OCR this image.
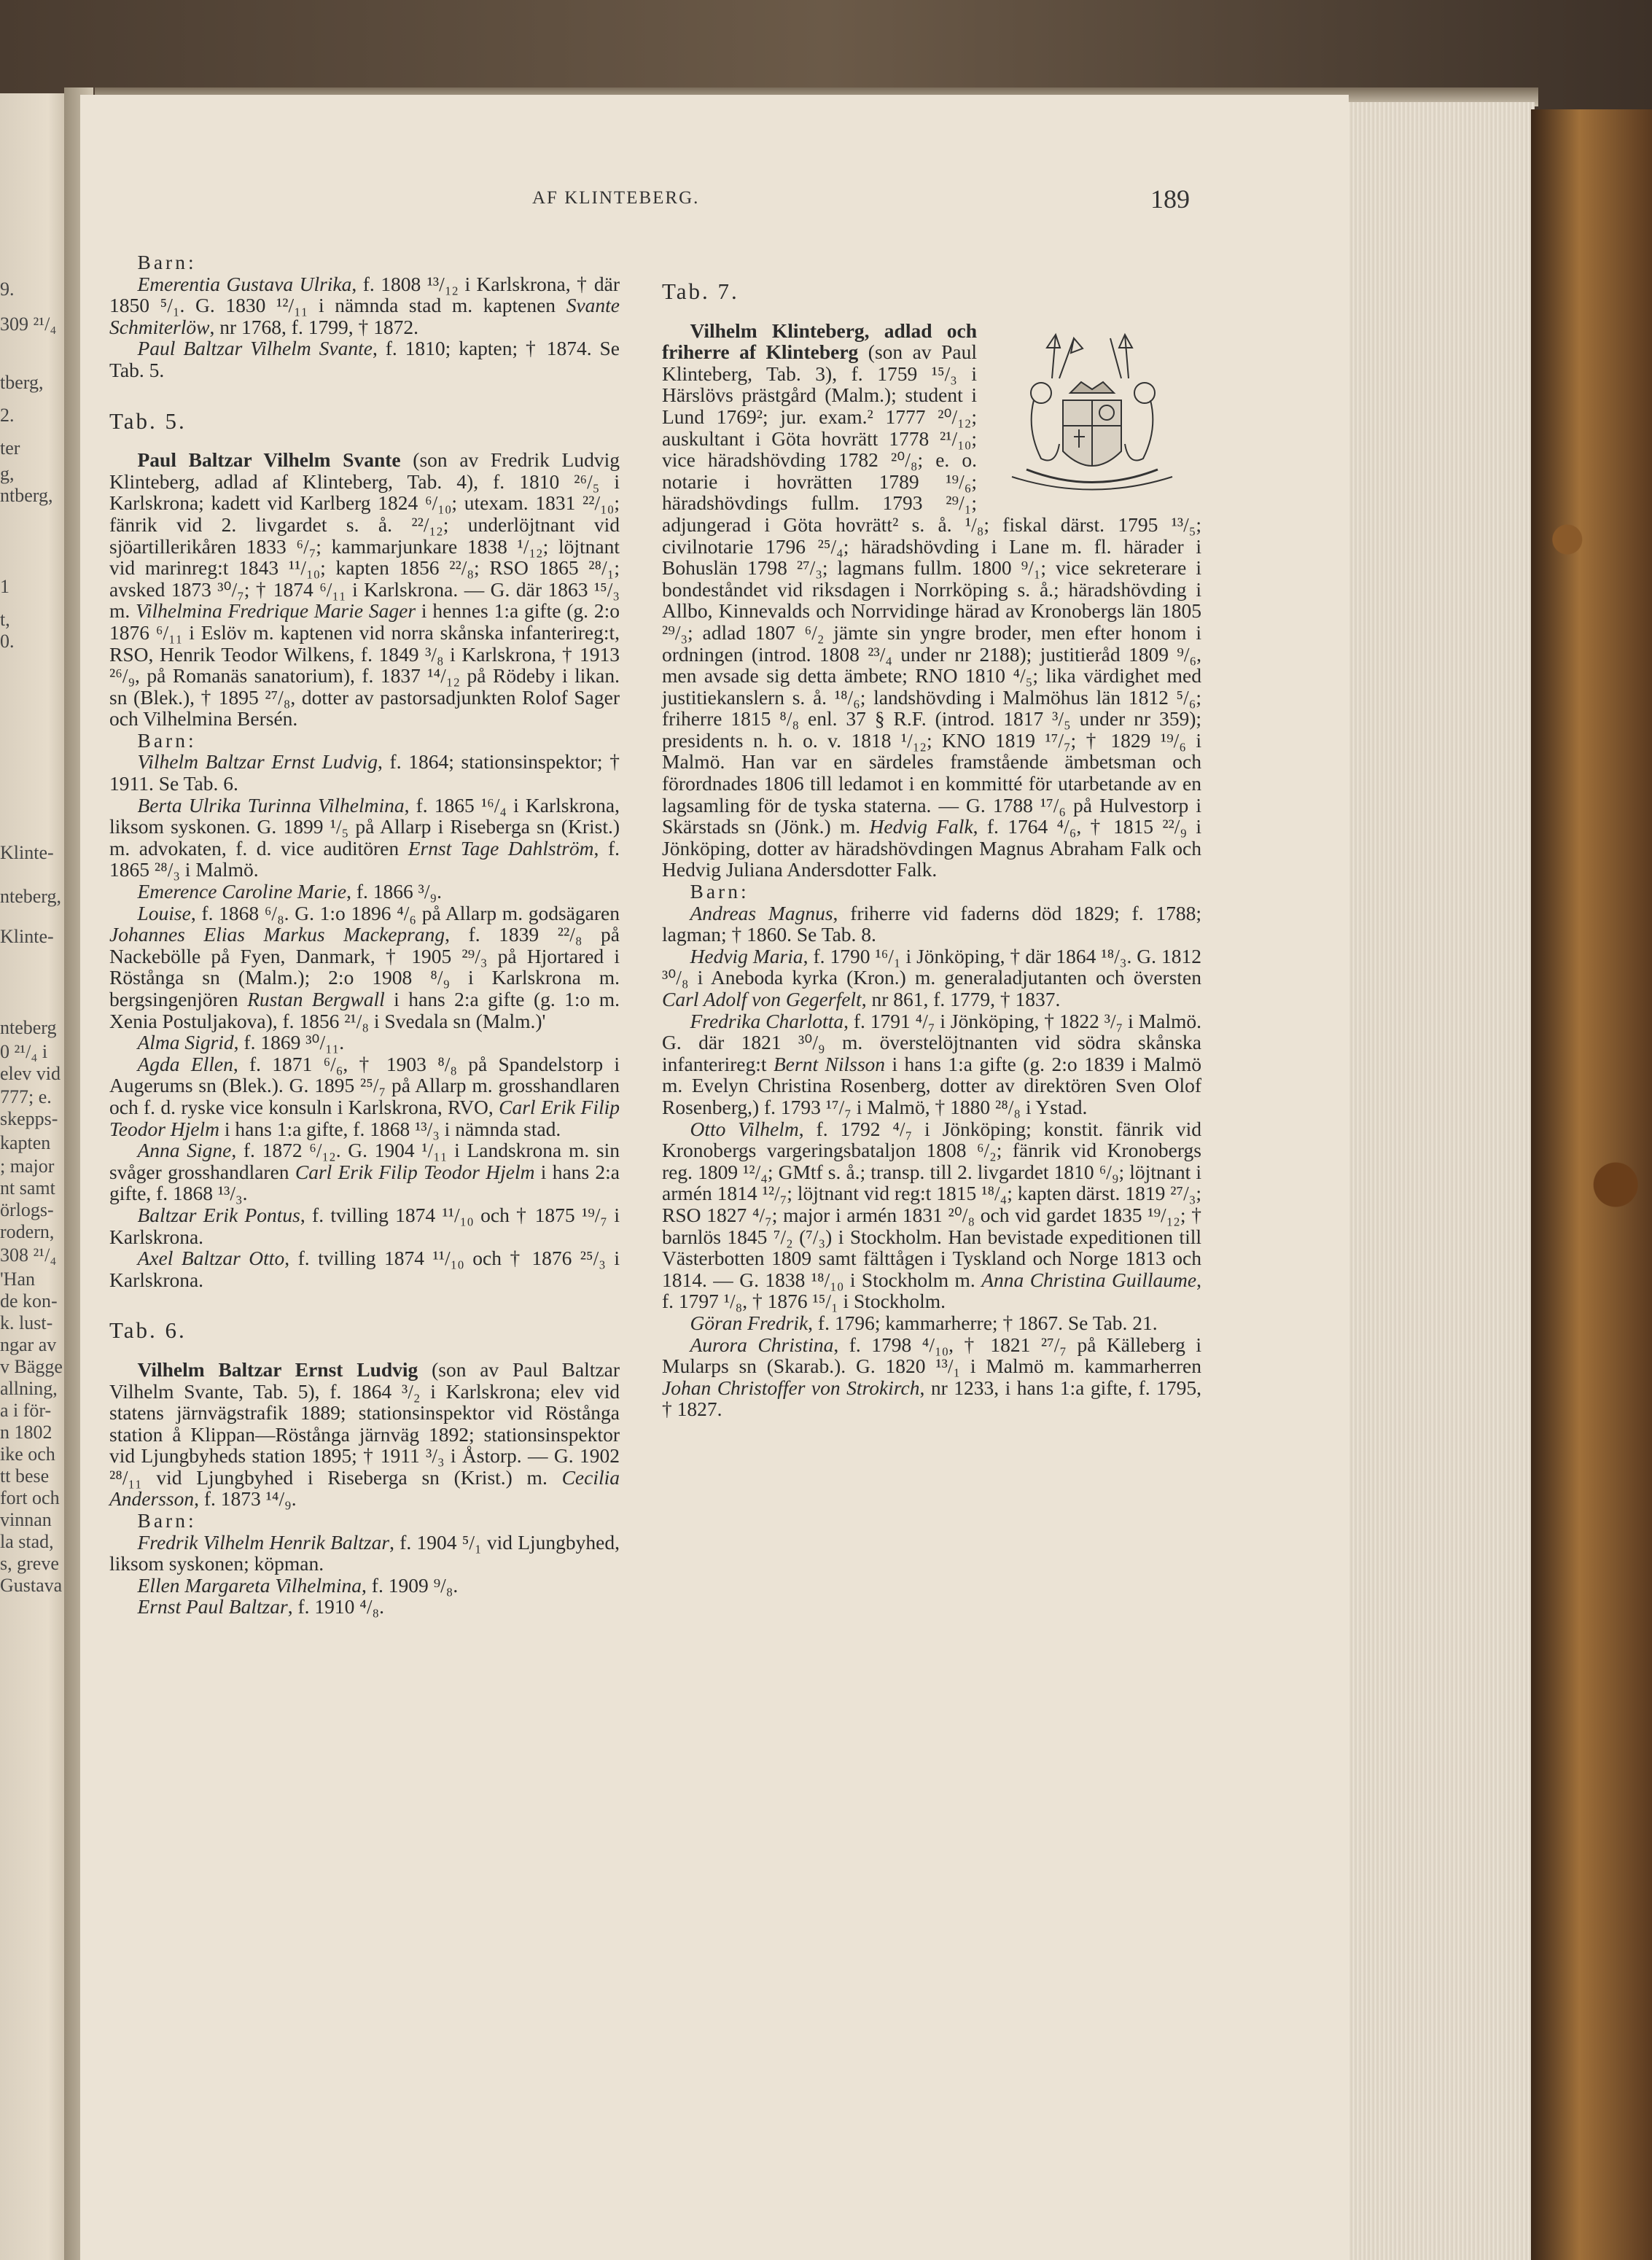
9.
309 ²¹/₄
tberg,
2.
ter
g,
ntberg,
1
t,
0.
Klinte-
nteberg,
Klinte-
nteberg
0 ²¹/₄ i
elev vid
777; e.
skepps-
kapten
; major
nt samt
örlogs-
rodern,
308 ²¹/₄
'Han
de kon-
k. lust-
ngar av
v Bägge
allning,
a i för-
n 1802
ike och
tt bese
fort och
vinnan
la stad,
s, greve
Gustava
AF KLINTEBERG.	189

Barn:

Emerentia Gustava Ulrika, f. 1808 ¹³/₁₂ i Karlskrona, † där 1850 ⁵/₁. G. 1830 ¹²/₁₁ i nämnda stad m. kaptenen Svante Schmiterlöw, nr 1768, f. 1799, † 1872.

Paul Baltzar Vilhelm Svante, f. 1810; kapten; † 1874. Se Tab. 5.

Tab. 5.

Paul Baltzar Vilhelm Svante (son av Fredrik Ludvig Klinteberg, adlad af Klinteberg, Tab. 4), f. 1810 ²⁶/₅ i Karlskrona; kadett vid Karlberg 1824 ⁶/₁₀; utexam. 1831 ²²/₁₀; fänrik vid 2. livgardet s. å. ²²/₁₂; underlöjtnant vid sjöartillerikåren 1833 ⁶/₇; kammarjunkare 1838 ¹/₁₂; löjtnant vid marinreg:t 1843 ¹¹/₁₀; kapten 1856 ²²/₈; RSO 1865 ²⁸/₁; avsked 1873 ³⁰/₇; † 1874 ⁶/₁₁ i Karlskrona. — G. där 1863 ¹⁵/₃ m. Vilhelmina Fredrique Marie Sager i hennes 1:a gifte (g. 2:o 1876 ⁶/₁₁ i Eslöv m. kaptenen vid norra skånska infanterireg:t, RSO, Henrik Teodor Wilkens, f. 1849 ³/₈ i Karlskrona, † 1913 ²⁶/₉, på Romanäs sanatorium), f. 1837 ¹⁴/₁₂ på Rödeby i likan. sn (Blek.), † 1895 ²⁷/₈, dotter av pastorsadjunkten Rolof Sager och Vilhelmina Bersén.

Barn:

Vilhelm Baltzar Ernst Ludvig, f. 1864; stationsinspektor; † 1911. Se Tab. 6.

Berta Ulrika Turinna Vilhelmina, f. 1865 ¹⁶/₄ i Karlskrona, liksom syskonen. G. 1899 ¹/₅ på Allarp i Riseberga sn (Krist.) m. advokaten, f. d. vice auditören Ernst Tage Dahlström, f. 1865 ²⁸/₃ i Malmö.

Emerence Caroline Marie, f. 1866 ³/₉.

Louise, f. 1868 ⁶/₈. G. 1:o 1896 ⁴/₆ på Allarp m. godsägaren Johannes Elias Markus Mackeprang, f. 1839 ²²/₈ på Nackebölle på Fyen, Danmark, † 1905 ²⁹/₃ på Hjortared i Röstånga sn (Malm.); 2:o 1908 ⁸/₉ i Karlskrona m. bergsingenjören Rustan Bergwall i hans 2:a gifte (g. 1:o m. Xenia Postuljakova), f. 1856 ²¹/₈ i Svedala sn (Malm.)'

Alma Sigrid, f. 1869 ³⁰/₁₁.

Agda Ellen, f. 1871 ⁶/₆, † 1903 ⁸/₈ på Spandelstorp i Augerums sn (Blek.). G. 1895 ²⁵/₇ på Allarp m. grosshandlaren och f. d. ryske vice konsuln i Karlskrona, RVO, Carl Erik Filip Teodor Hjelm i hans 1:a gifte, f. 1868 ¹³/₃ i nämnda stad.

Anna Signe, f. 1872 ⁶/₁₂. G. 1904 ¹/₁₁ i Landskrona m. sin svåger grosshandlaren Carl Erik Filip Teodor Hjelm i hans 2:a gifte, f. 1868 ¹³/₃.

Baltzar Erik Pontus, f. tvilling 1874 ¹¹/₁₀ och † 1875 ¹⁹/₇ i Karlskrona.

Axel Baltzar Otto, f. tvilling 1874 ¹¹/₁₀ och † 1876 ²⁵/₃ i Karlskrona.

Tab. 6.

Vilhelm Baltzar Ernst Ludvig (son av Paul Baltzar Vilhelm Svante, Tab. 5), f. 1864 ³/₂ i Karlskrona; elev vid statens järnvägstrafik 1889; stationsinspektor vid Röstånga station å Klippan—Röstånga järnväg 1892; stationsinspektor vid Ljungbyheds station 1895; † 1911 ³/₃ i Åstorp. — G. 1902 ²⁸/₁₁ vid Ljungbyhed i Riseberga sn (Krist.) m. Cecilia Andersson, f. 1873 ¹⁴/₉.

Barn:

Fredrik Vilhelm Henrik Baltzar, f. 1904 ⁵/₁ vid Ljungbyhed, liksom syskonen; köpman.

Ellen Margareta Vilhelmina, f. 1909 ⁹/₈.

Ernst Paul Baltzar, f. 1910 ⁴/₈.

Tab. 7.

Vilhelm Klinteberg, adlad och friherre af Klinteberg (son av Paul Klinteberg, Tab. 3), f. 1759 ¹⁵/₃ i Härslövs prästgård (Malm.); student i Lund 1769²; jur. exam.² 1777 ²⁰/₁₂; auskultant i Göta hovrätt 1778 ²¹/₁₀; vice häradshövding 1782 ²⁰/₈; e. o. notarie i hovrätten 1789 ¹⁹/₆; häradshövdings fullm. 1793 ²⁹/₁; adjungerad i Göta hovrätt² s. å. ¹/₈; fiskal därst. 1795 ¹³/₅; civilnotarie 1796 ²⁵/₄; häradshövding i Lane m. fl. härader i Bohuslän 1798 ²⁷/₃; lagmans fullm. 1800 ⁹/₁; vice sekreterare i bondeståndet vid riksdagen i Norrköping s. å.; häradshövding i Allbo, Kinnevalds och Norrvidinge härad av Kronobergs län 1805 ²⁹/₃; adlad 1807 ⁶/₂ jämte sin yngre broder, men efter honom i ordningen (introd. 1808 ²³/₄ under nr 2188); justitieråd 1809 ⁹/₆, men avsade sig detta ämbete; RNO 1810 ⁴/₅; lika värdighet med justitiekanslern s. å. ¹⁸/₆; landshövding i Malmöhus län 1812 ⁵/₆; friherre 1815 ⁸/₈ enl. 37 § R.F. (introd. 1817 ³/₅ under nr 359); presidents n. h. o. v. 1818 ¹/₁₂; KNO 1819 ¹⁷/₇; † 1829 ¹⁹/₆ i Malmö. Han var en särdeles framstående ämbetsman och förordnades 1806 till ledamot i en kommitté för utarbetande av en lagsamling för de tyska staterna. — G. 1788 ¹⁷/₆ på Hulvestorp i Skärstads sn (Jönk.) m. Hedvig Falk, f. 1764 ⁴/₆, † 1815 ²²/₉ i Jönköping, dotter av häradshövdingen Magnus Abraham Falk och Hedvig Juliana Andersdotter Falk.

Barn:

Andreas Magnus, friherre vid faderns död 1829; f. 1788; lagman; † 1860. Se Tab. 8.

Hedvig Maria, f. 1790 ¹⁶/₁ i Jönköping, † där 1864 ¹⁸/₃. G. 1812 ³⁰/₈ i Aneboda kyrka (Kron.) m. generaladjutanten och översten Carl Adolf von Gegerfelt, nr 861, f. 1779, † 1837.

Fredrika Charlotta, f. 1791 ⁴/₇ i Jönköping, † 1822 ³/₇ i Malmö. G. där 1821 ³⁰/₉ m. överstelöjtnanten vid södra skånska infanterireg:t Bernt Nilsson i hans 1:a gifte (g. 2:o 1839 i Malmö m. Evelyn Christina Rosenberg, dotter av direktören Sven Olof Rosenberg,) f. 1793 ¹⁷/₇ i Malmö, † 1880 ²⁸/₈ i Ystad.

Otto Vilhelm, f. 1792 ⁴/₇ i Jönköping; konstit. fänrik vid Kronobergs vargeringsbataljon 1808 ⁶/₂; fänrik vid Kronobergs reg. 1809 ¹²/₄; GMtf s. å.; transp. till 2. livgardet 1810 ⁶/₉; löjtnant i armén 1814 ¹²/₇; löjtnant vid reg:t 1815 ¹⁸/₄; kapten därst. 1819 ²⁷/₃; RSO 1827 ⁴/₇; major i armén 1831 ²⁰/₈ och vid gardet 1835 ¹⁹/₁₂; † barnlös 1845 ⁷/₂ (⁷/₃) i Stockholm. Han bevistade expeditionen till Västerbotten 1809 samt fälttågen i Tyskland och Norge 1813 och 1814. — G. 1838 ¹⁸/₁₀ i Stockholm m. Anna Christina Guillaume, f. 1797 ¹/₈, † 1876 ¹⁵/₁ i Stockholm.

Göran Fredrik, f. 1796; kammarherre; † 1867. Se Tab. 21.

Aurora Christina, f. 1798 ⁴/₁₀, † 1821 ²⁷/₇ på Källeberg i Mularps sn (Skarab.). G. 1820 ¹³/₁ i Malmö m. kammarherren Johan Christoffer von Strokirch, nr 1233, i hans 1:a gifte, f. 1795, † 1827.
